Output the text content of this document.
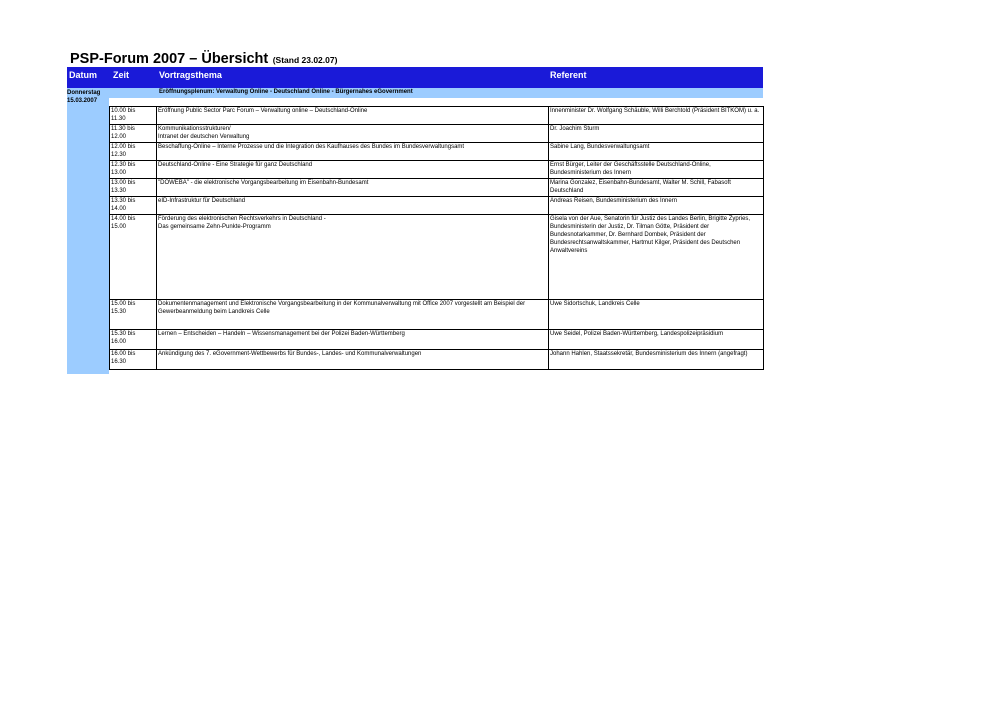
PSP-Forum 2007 – Übersicht (Stand 23.02.07)
Datum Zeit	Vortragsthema	Referent
Eröffnungsplenum: Verwaltung Online - Deutschland Online - Bürgernahes eGovernment
Donnerstag
15.03.2007
10.00 bis
11.30	Eröffnung Public Sector Parc Forum – Verwaltung online – Deutschland-Online	Innenminister Dr. Wolfgang Schäuble, Willi Berchtold (Präsident BITKOM) u. a.
11.30 bis
12.00	Kommunikationsstrukturen/
Intranet der deutschen Verwaltung	Dr. Joachim Sturm
12.00 bis
12.30	Beschaffung-Online – Interne Prozesse und die Integration des Kaufhauses des Bundes im Bundesverwaltungsamt	Sabine Lang, Bundesverwaltungsamt
12.30 bis
13.00	Deutschland-Online - Eine Strategie für ganz Deutschland	Ernst Bürger, Leiter der Geschäftsstelle Deutschland-Online, Bundesministerium des Innern
13.00 bis
13.30	"DOWEBA" - die elektronische Vorgangsbearbeitung im Eisenbahn-Bundesamt	Marina Gonzalez, Eisenbahn-Bundesamt, Walter M. Schill, Fabasoft Deutschland
13.30 bis
14.00	eID-Infrastruktur für Deutschland	Andreas Reisen, Bundesministerium des Innern
14.00 bis
15.00	Förderung des elektronischen Rechtsverkehrs in Deutschland -
Das gemeinsame Zehn-Punkte-Programm	Gisela von der Aue, Senatorin für Justiz des Landes Berlin, Brigitte Zypries, Bundesministerin der Justiz, Dr. Tilman Götte, Präsident der Bundesnotarkammer, Dr. Bernhard Dombek, Präsident der Bundesrechtsanwaltskammer, Hartmut Kilger, Präsident des Deutschen Anwaltvereins
15.00 bis
15.30	Dokumentenmanagement und Elektronische Vorgangsbearbeitung in der Kommunalverwaltung mit Office 2007 vorgestellt am Beispiel der Gewerbeanmeldung beim Landkreis Celle	Uwe Sidortschuk, Landkreis Celle
15.30 bis
16.00	Lernen – Entscheiden – Handeln – Wissensmanagement bei der Polizei Baden-Württemberg	Uwe Seidel, Polizei Baden-Württemberg, Landespolizeipräsidium
16.00 bis
16.30	Ankündigung des 7. eGovernment-Wettbewerbs für Bundes-, Landes- und Kommunalverwaltungen	Johann Hahlen, Staatssekretär, Bundesministerium des Innern (angefragt)
